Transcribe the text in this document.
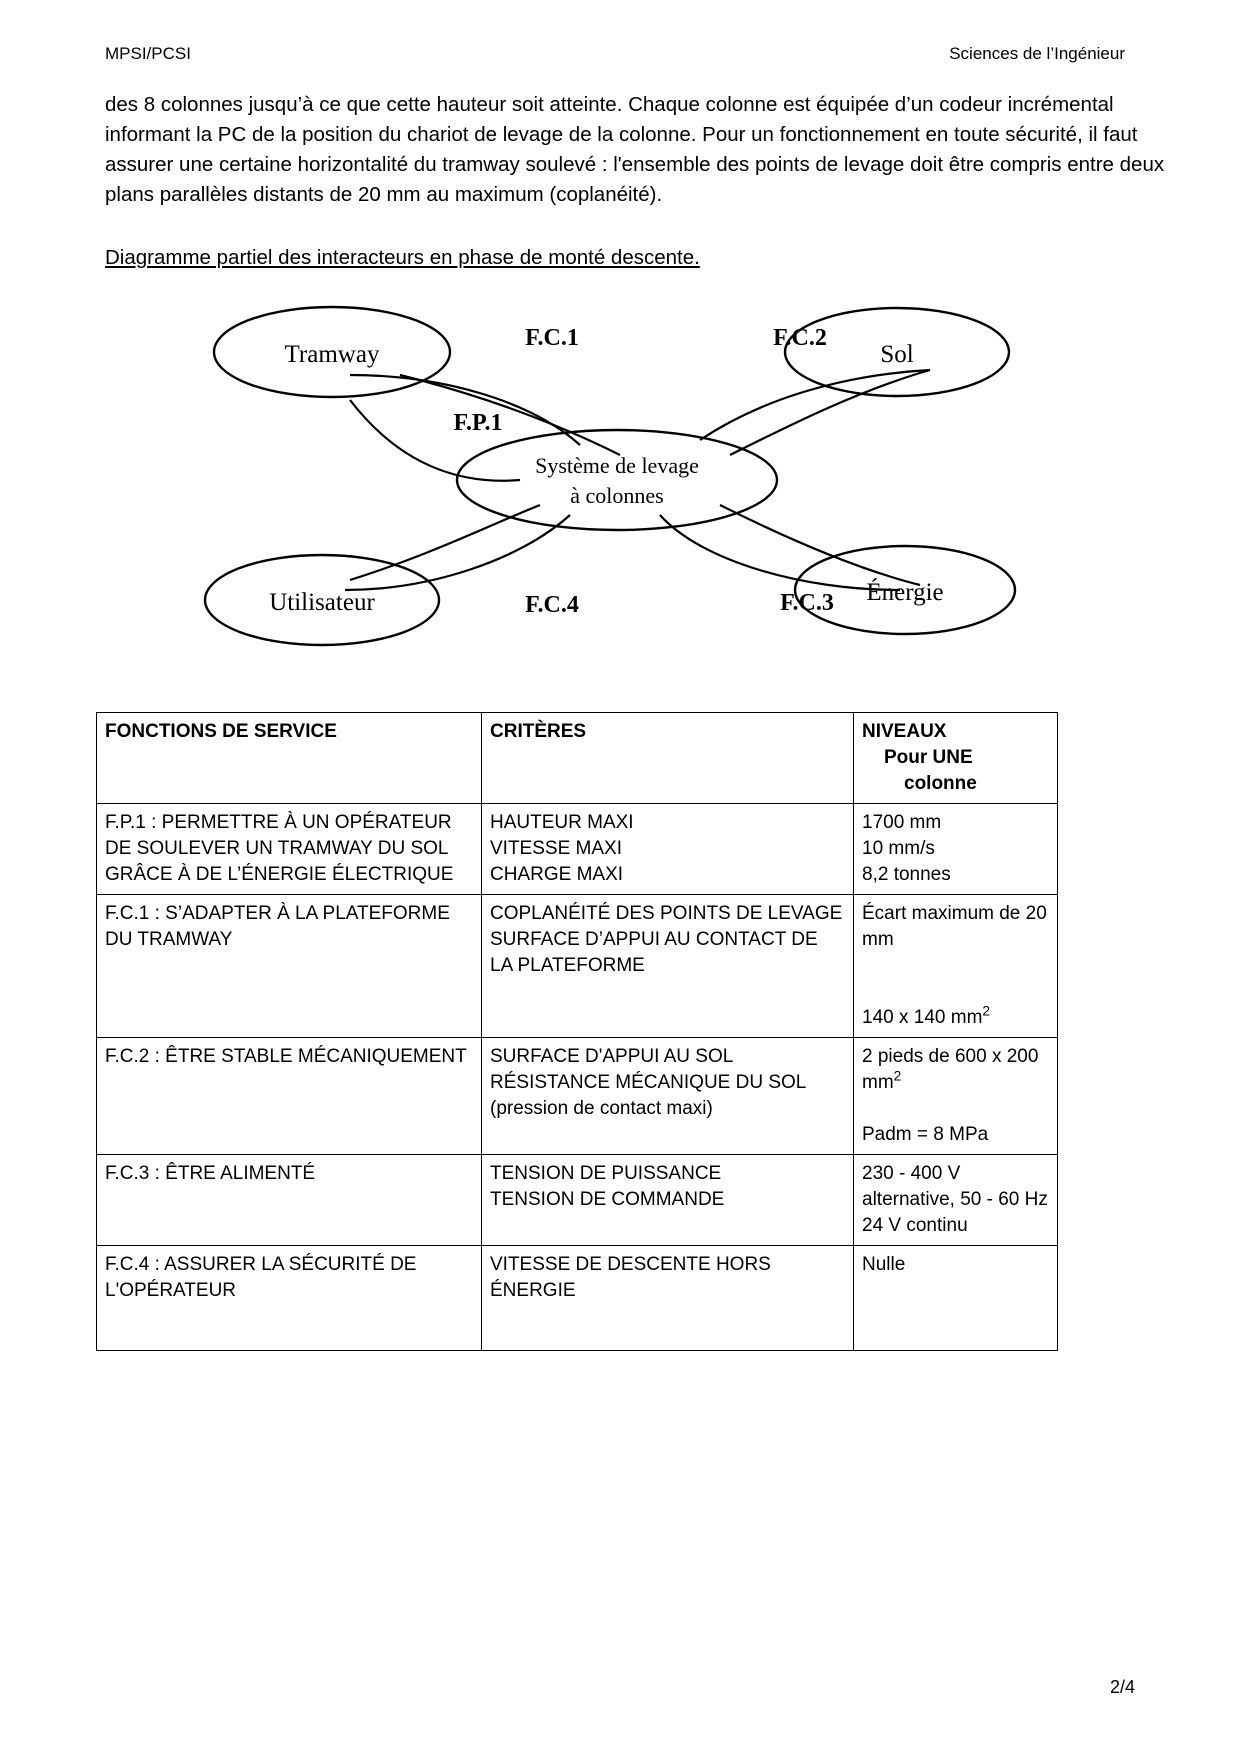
MPSI/PCSI	Sciences de l’Ingénieur
des 8 colonnes jusqu’à ce que cette hauteur soit atteinte. Chaque colonne est équipée d’un codeur incrémental informant la PC de la position du chariot de levage de la colonne. Pour un fonctionnement en toute sécurité, il faut assurer une certaine horizontalité du tramway soulevé : l'ensemble des points de levage doit être compris entre deux plans parallèles distants de 20 mm au maximum (coplanéité).
Diagramme partiel des interacteurs en phase de monté descente.
Tramway	Sol
Utilisateur	Énergie
Système de levage
à colonnes
F.C.1	F.C.2
F.P.1
F.C.4	F.C.3
FONCTIONS DE SERVICE	CRITÈRES	NIVEAUX
Pour UNE
colonne

F.P.1 : PERMETTRE À UN OPÉRATEUR DE SOULEVER UN TRAMWAY DU SOL GRÂCE À DE L’ÉNERGIE ÉLECTRIQUE	HAUTEUR MAXI
VITESSE MAXI
CHARGE MAXI	1700 mm
10 mm/s
8,2 tonnes

F.C.1 : S’ADAPTER À LA PLATEFORME DU TRAMWAY	COPLANÉITÉ DES POINTS DE LEVAGE
SURFACE D’APPUI AU CONTACT DE LA PLATEFORME	Écart maximum de 20 mm
140 x 140 $mm^2$

F.C.2 : ÊTRE STABLE MÉCANIQUEMENT	SURFACE D'APPUI AU SOL
RÉSISTANCE MÉCANIQUE DU SOL (pression de contact maxi)	2 pieds de 600 x 200 $mm^2$
Padm = 8 MPa

F.C.3 : ÊTRE ALIMENTÉ	TENSION DE PUISSANCE
TENSION DE COMMANDE	230 - 400 V alternative, 50 - 60 Hz 24 V continu

F.C.4 : ASSURER LA SÉCURITÉ DE L'OPÉRATEUR	VITESSE DE DESCENTE HORS ÉNERGIE	Nulle
2/4
